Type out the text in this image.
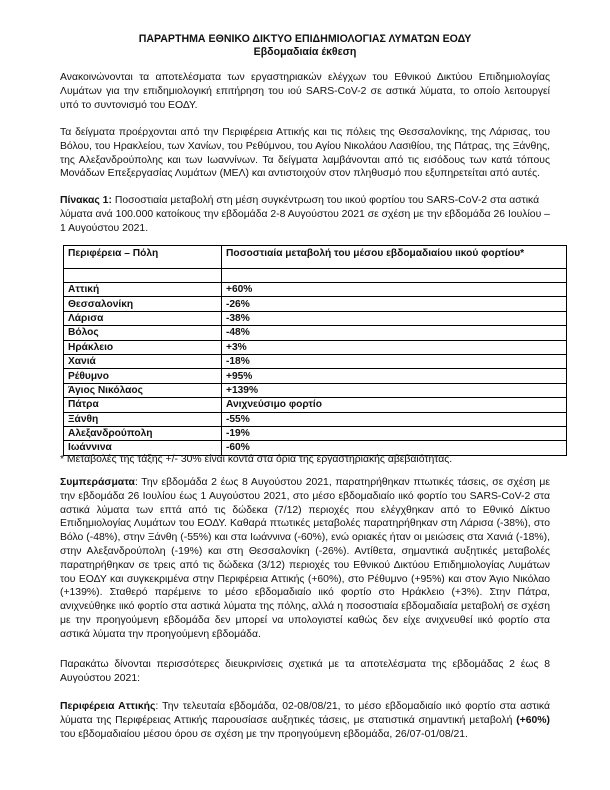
ΠΑΡΑΡΤΗΜΑ ΕΘΝΙΚΟ ΔΙΚΤΥΟ ΕΠΙΔΗΜΙΟΛΟΓΙΑΣ ΛΥΜΑΤΩΝ ΕΟΔΥ
Εβδομαδιαία έκθεση

Ανακοινώνονται τα αποτελέσματα των εργαστηριακών ελέγχων του Εθνικού Δικτύου Επιδημιολογίας Λυμάτων για την επιδημιολογική επιτήρηση του ιού SARS-CoV-2 σε αστικά λύματα, το οποίο λειτουργεί υπό το συντονισμό του ΕΟΔΥ.

Τα δείγματα προέρχονται από την Περιφέρεια Αττικής και τις πόλεις της Θεσσαλονίκης, της Λάρισας, του Βόλου, του Ηρακλείου, των Χανίων, του Ρεθύμνου, του Αγίου Νικολάου Λασιθίου, της Πάτρας, της Ξάνθης, της Αλεξανδρούπολης και των Ιωαννίνων. Τα δείγματα λαμβάνονται από τις εισόδους των κατά τόπους Μονάδων Επεξεργασίας Λυμάτων (ΜΕΛ) και αντιστοιχούν στον πληθυσμό που εξυπηρετείται από αυτές.

Πίνακας 1: Ποσοστιαία μεταβολή στη μέση συγκέντρωση του ιικού φορτίου του SARS-CoV-2 στα αστικά λύματα ανά 100.000 κατοίκους την εβδομάδα 2-8 Αυγούστου 2021 σε σχέση με την εβδομάδα 26 Ιουλίου – 1 Αυγούστου 2021.
Περιφέρεια – Πόλη	Ποσοστιαία μεταβολή του μέσου εβδομαδιαίου ιικού φορτίου*

Αττική	+60%
Θεσσαλονίκη	-26%
Λάρισα	-38%
Βόλος	-48%
Ηράκλειο	+3%
Χανιά	-18%
Ρέθυμνο	+95%
Άγιος Νικόλαος	+139%
Πάτρα	Ανιχνεύσιμο φορτίο
Ξάνθη	-55%
Αλεξανδρούπολη	-19%
Ιωάννινα	-60%
* Μεταβολές της τάξης +/- 30% είναι κοντά στα όρια της εργαστηριακής αβεβαιότητας.

Συμπεράσματα: Την εβδομάδα 2 έως 8 Αυγούστου 2021, παρατηρήθηκαν πτωτικές τάσεις, σε σχέση με την εβδομάδα 26 Ιουλίου έως 1 Αυγούστου 2021, στο μέσο εβδομαδιαίο ιικό φορτίο του SARS-CoV-2 στα αστικά λύματα των επτά από τις δώδεκα (7/12) περιοχές που ελέγχθηκαν από το Εθνικό Δίκτυο Επιδημιολογίας Λυμάτων του ΕΟΔΥ. Καθαρά πτωτικές μεταβολές παρατηρήθηκαν στη Λάρισα (-38%), στο Βόλο (-48%), στην Ξάνθη (-55%) και στα Ιωάννινα (-60%), ενώ οριακές ήταν οι μειώσεις στα Χανιά (-18%), στην Αλεξανδρούπολη (-19%) και στη Θεσσαλονίκη (-26%). Αντίθετα, σημαντικά αυξητικές μεταβολές παρατηρήθηκαν σε τρεις από τις δώδεκα (3/12) περιοχές του Εθνικού Δικτύου Επιδημιολογίας Λυμάτων του ΕΟΔΥ και συγκεκριμένα στην Περιφέρεια Αττικής (+60%), στο Ρέθυμνο (+95%) και στον Άγιο Νικόλαο (+139%). Σταθερό παρέμεινε το μέσο εβδομαδιαίο ιικό φορτίο στο Ηράκλειο (+3%). Στην Πάτρα, ανιχνεύθηκε ιικό φορτίο στα αστικά λύματα της πόλης, αλλά η ποσοστιαία εβδομαδιαία μεταβολή σε σχέση με την προηγούμενη εβδομάδα δεν μπορεί να υπολογιστεί καθώς δεν είχε ανιχνευθεί ιικό φορτίο στα αστικά λύματα την προηγούμενη εβδομάδα.

Παρακάτω δίνονται περισσότερες διευκρινίσεις σχετικά με τα αποτελέσματα της εβδομάδας 2 έως 8 Αυγούστου 2021:

Περιφέρεια Αττικής: Την τελευταία εβδομάδα, 02-08/08/21, το μέσο εβδομαδιαίο ιικό φορτίο στα αστικά λύματα της Περιφέρειας Αττικής παρουσίασε αυξητικές τάσεις, με στατιστικά σημαντική μεταβολή (+60%) του εβδομαδιαίου μέσου όρου σε σχέση με την προηγούμενη εβδομάδα, 26/07-01/08/21.
